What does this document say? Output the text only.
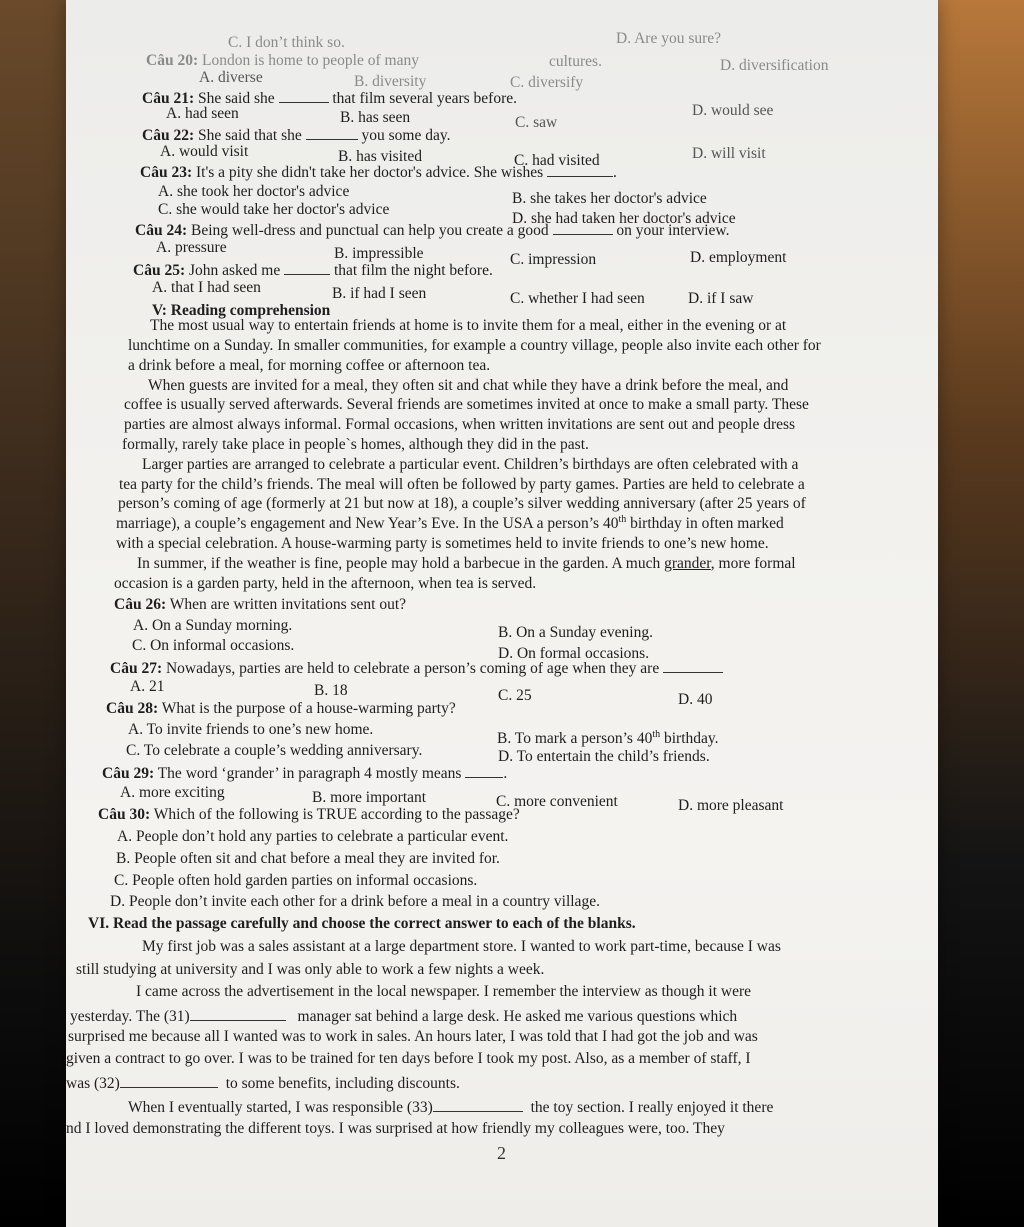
C. I don’t think so.	D. Are you sure?
Câu 20: London is home to people of many	cultures.
A. diverse	B. diversity	C. diversify
D. diversification
Câu 21: She said she	that film several years before.
A. had seen	B. has seen	C. saw
D. would see
Câu 22: She said that she	you some day.
A. would visit	B. has visited	C. had visited	D. will visit
Câu 23: It's a pity she didn't take her doctor's advice. She wishes	.
A. she took her doctor's advice	B. she takes her doctor's advice
C. she would take her doctor's advice
D. she had taken her doctor's advice
Câu 24: Being well-dress and punctual can help you create a good	on your interview.
A. pressure	B. impressible	C. impression	D. employment
Câu 25: John asked me	that film the night before.
A. that I had seen	B. if had I seen	C. whether I had seen	D. if I saw
V: Reading comprehension
The most usual way to entertain friends at home is to invite them for a meal, either in the evening or at
lunchtime on a Sunday. In smaller communities, for example a country village, people also invite each other for
a drink before a meal, for morning coffee or afternoon tea.
When guests are invited for a meal, they often sit and chat while they have a drink before the meal, and
coffee is usually served afterwards. Several friends are sometimes invited at once to make a small party. These
parties are almost always informal. Formal occasions, when written invitations are sent out and people dress
formally, rarely take place in people`s homes, although they did in the past.
Larger parties are arranged to celebrate a particular event. Children’s birthdays are often celebrated with a
tea party for the child’s friends. The meal will often be followed by party games. Parties are held to celebrate a
person’s coming of age (formerly at 21 but now at 18), a couple’s silver wedding anniversary (after 25 years of
marriage), a couple’s engagement and New Year’s Eve. In the USA a person’s 40th birthday in often marked
with a special celebration. A house-warming party is sometimes held to invite friends to one’s new home.
In summer, if the weather is fine, people may hold a barbecue in the garden. A much grander, more formal
occasion is a garden party, held in the afternoon, when tea is served.
Câu 26: When are written invitations sent out?
A. On a Sunday morning.	B. On a Sunday evening.
C. On informal occasions.	D. On formal occasions.
Câu 27: Nowadays, parties are held to celebrate a person’s coming of age when they are
A. 21	B. 18	C. 25	D. 40
Câu 28: What is the purpose of a house-warming party?
A. To invite friends to one’s new home.
B. To mark a person’s 40th birthday.
C. To celebrate a couple’s wedding anniversary.	D. To entertain the child’s friends.
Câu 29: The word ‘grander’ in paragraph 4 mostly means	.
A. more exciting	B. more important	C. more convenient	D. more pleasant
Câu 30: Which of the following is TRUE according to the passage?
A. People don’t hold any parties to celebrate a particular event.
B. People often sit and chat before a meal they are invited for.
C. People often hold garden parties on informal occasions.
D. People don’t invite each other for a drink before a meal in a country village.
VI. Read the passage carefully and choose the correct answer to each of the blanks.
My first job was a sales assistant at a large department store. I wanted to work part-time, because I was
still studying at university and I was only able to work a few nights a week.
I came across the advertisement in the local newspaper. I remember the interview as though it were
yesterday. The (31)	manager sat behind a large desk. He asked me various questions which
surprised me because all I wanted was to work in sales. An hours later, I was told that I had got the job and was
given a contract to go over. I was to be trained for ten days before I took my post. Also, as a member of staff, I
was (32)	to some benefits, including discounts.
When I eventually started, I was responsible (33)	the toy section. I really enjoyed it there
nd I loved demonstrating the different toys. I was surprised at how friendly my colleagues were, too. They
2
